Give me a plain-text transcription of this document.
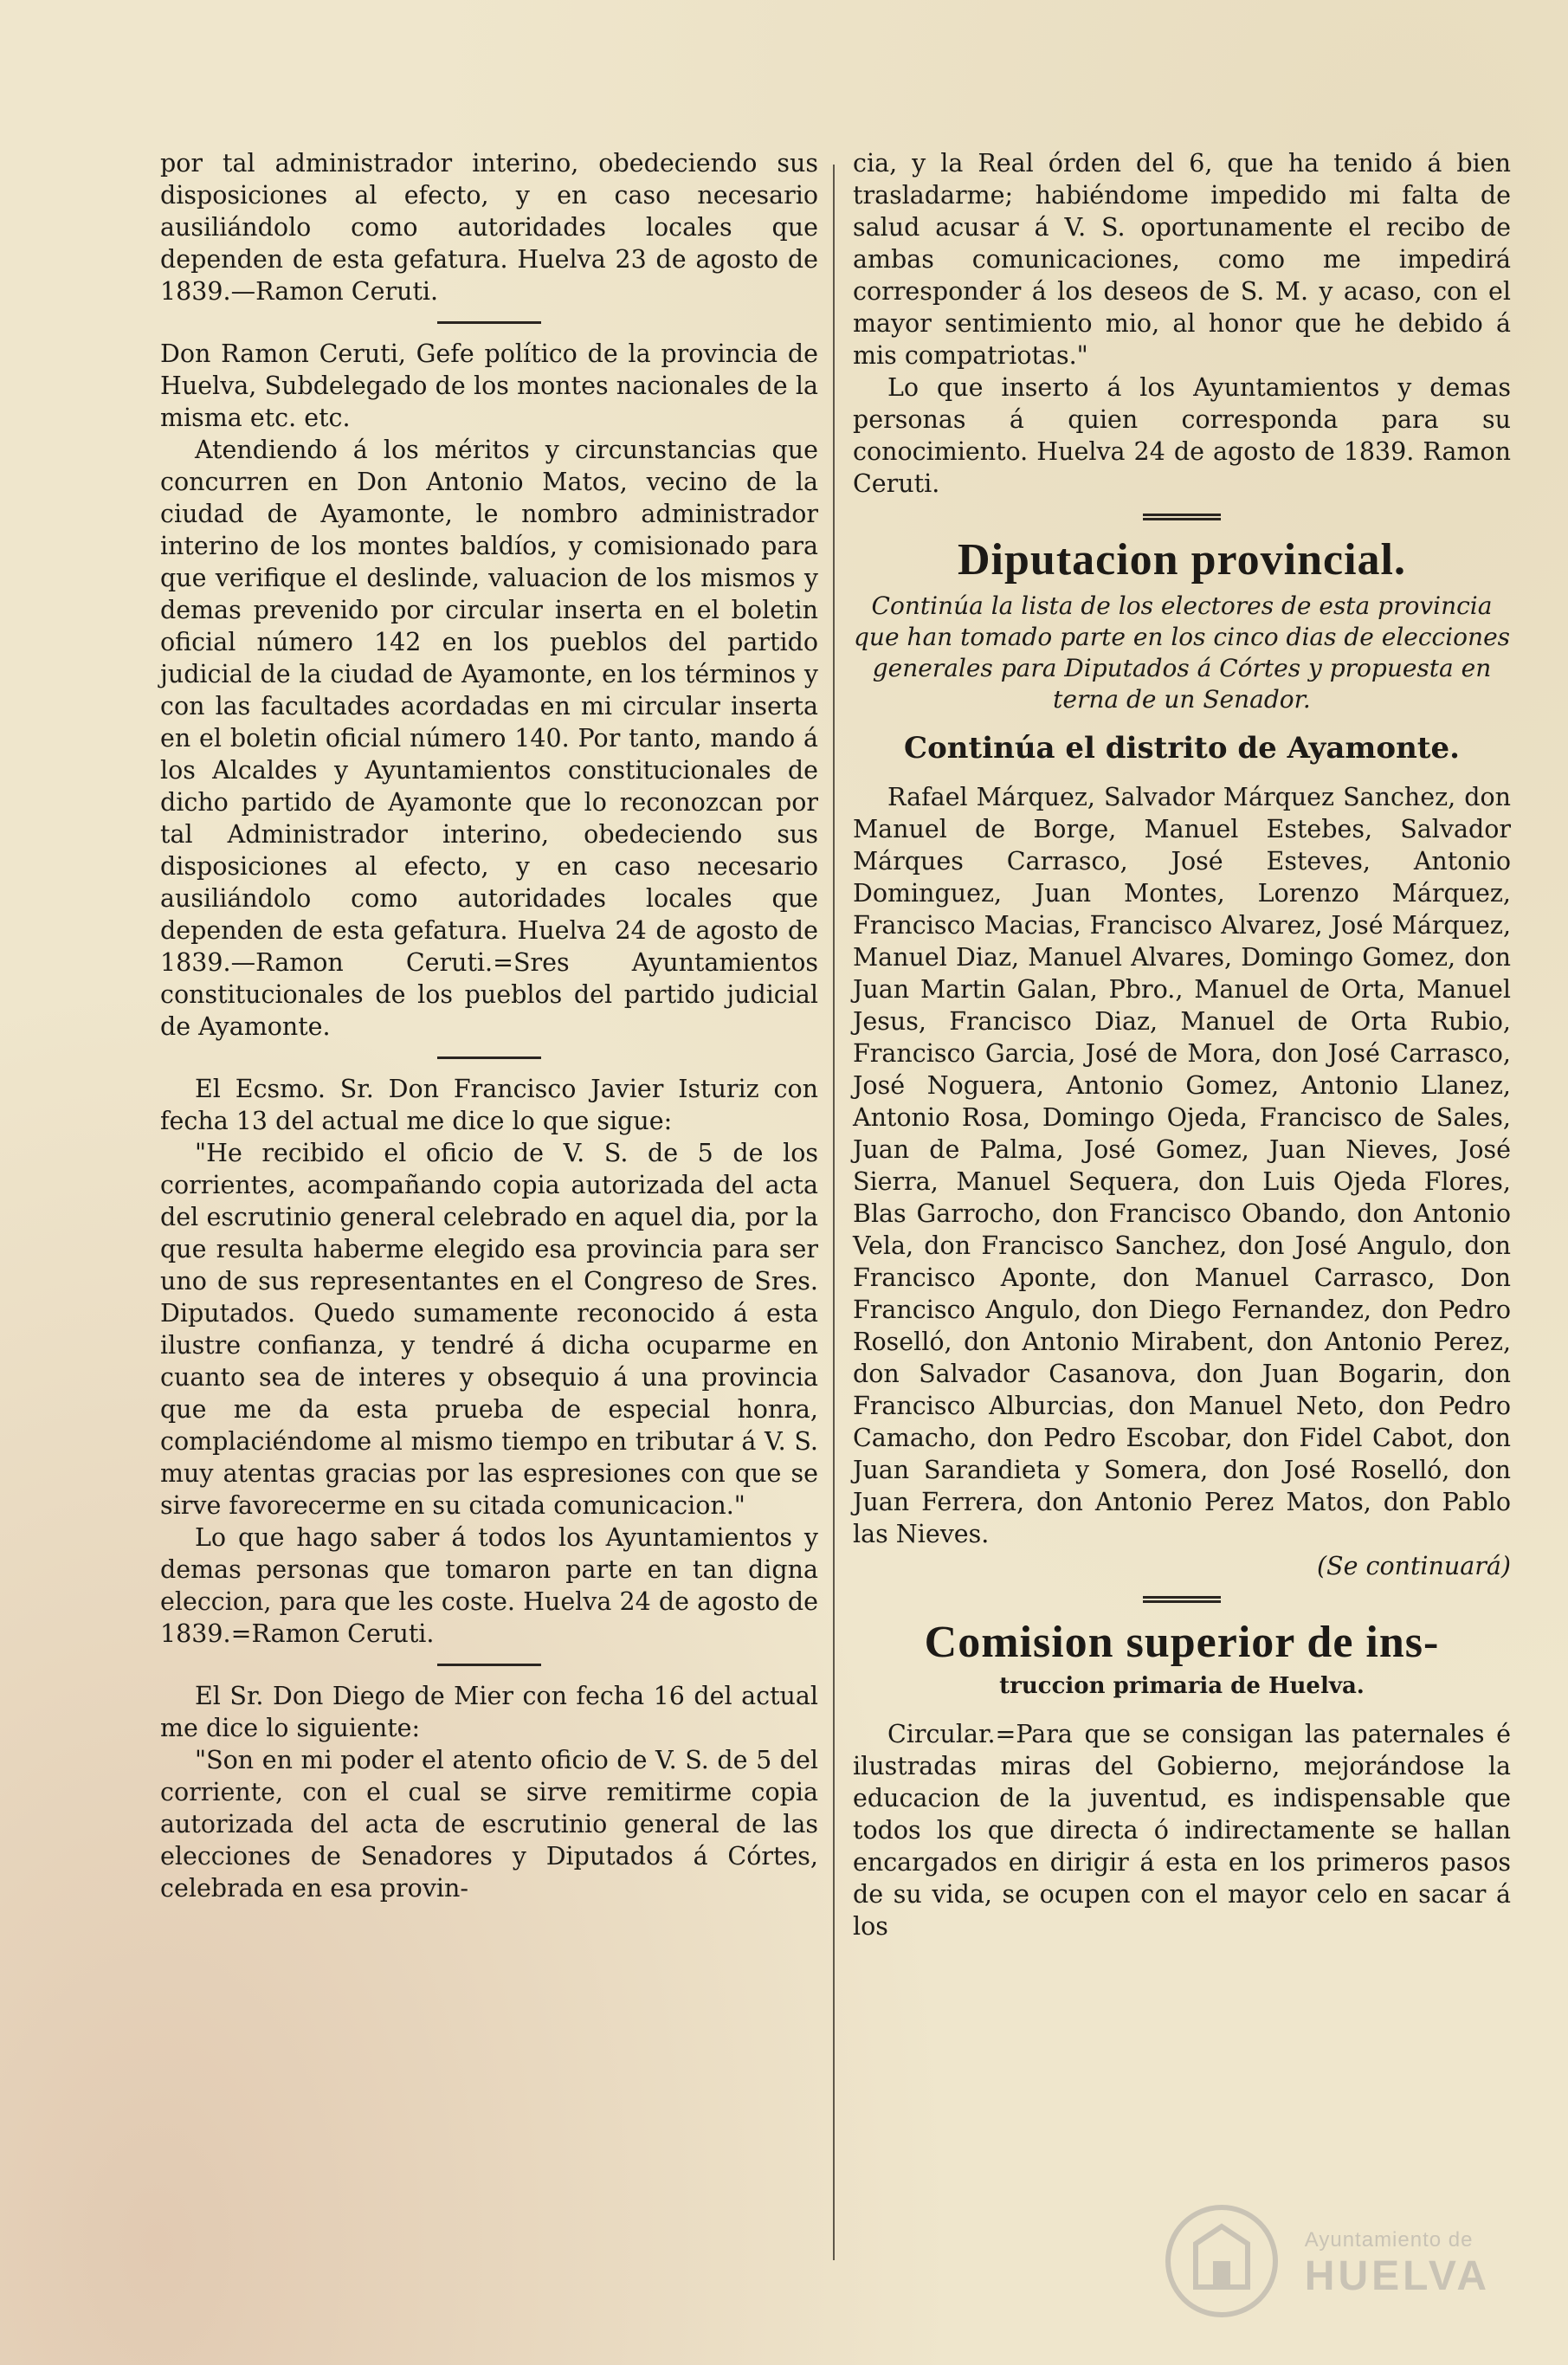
por tal administrador interino, obedeciendo sus disposiciones al efecto, y en caso necesario ausiliándolo como autoridades locales que dependen de esta gefatura. Huelva 23 de agosto de 1839.—Ramon Ceruti.

Don Ramon Ceruti, Gefe político de la provincia de Huelva, Subdelegado de los montes nacionales de la misma etc. etc.

Atendiendo á los méritos y circunstancias que concurren en Don Antonio Matos, vecino de la ciudad de Ayamonte, le nombro administrador interino de los montes baldíos, y comisionado para que verifique el deslinde, valuacion de los mismos y demas prevenido por circular inserta en el boletin oficial número 142 en los pueblos del partido judicial de la ciudad de Ayamonte, en los términos y con las facultades acordadas en mi circular inserta en el boletin oficial número 140. Por tanto, mando á los Alcaldes y Ayuntamientos constitucionales de dicho partido de Ayamonte que lo reconozcan por tal Administrador interino, obedeciendo sus disposiciones al efecto, y en caso necesario ausiliándolo como autoridades locales que dependen de esta gefatura. Huelva 24 de agosto de 1839.—Ramon Ceruti.=Sres Ayuntamientos constitucionales de los pueblos del partido judicial de Ayamonte.

El Ecsmo. Sr. Don Francisco Javier Isturiz con fecha 13 del actual me dice lo que sigue:

"He recibido el oficio de V. S. de 5 de los corrientes, acompañando copia autorizada del acta del escrutinio general celebrado en aquel dia, por la que resulta haberme elegido esa provincia para ser uno de sus representantes en el Congreso de Sres. Diputados. Quedo sumamente reconocido á esta ilustre confianza, y tendré á dicha ocuparme en cuanto sea de interes y obsequio á una provincia que me da esta prueba de especial honra, complaciéndome al mismo tiempo en tributar á V. S. muy atentas gracias por las espresiones con que se sirve favorecerme en su citada comunicacion."

Lo que hago saber á todos los Ayuntamientos y demas personas que tomaron parte en tan digna eleccion, para que les coste. Huelva 24 de agosto de 1839.=Ramon Ceruti.

El Sr. Don Diego de Mier con fecha 16 del actual me dice lo siguiente:

"Son en mi poder el atento oficio de V. S. de 5 del corriente, con el cual se sirve remitirme copia autorizada del acta de escrutinio general de las elecciones de Senadores y Diputados á Córtes, celebrada en esa provin-

cia, y la Real órden del 6, que ha tenido á bien trasladarme; habiéndome impedido mi falta de salud acusar á V. S. oportunamente el recibo de ambas comunicaciones, como me impedirá corresponder á los deseos de S. M. y acaso, con el mayor sentimiento mio, al honor que he debido á mis compatriotas."

Lo que inserto á los Ayuntamientos y demas personas á quien corresponda para su conocimiento. Huelva 24 de agosto de 1839. Ramon Ceruti.

Diputacion provincial.

Continúa la lista de los electores de esta provincia que han tomado parte en los cinco dias de elecciones generales para Diputados á Córtes y propuesta en terna de un Senador.

Continúa el distrito de Ayamonte.

Rafael Márquez, Salvador Márquez Sanchez, don Manuel de Borge, Manuel Estebes, Salvador Márques Carrasco, José Esteves, Antonio Dominguez, Juan Montes, Lorenzo Márquez, Francisco Macias, Francisco Alvarez, José Márquez, Manuel Diaz, Manuel Alvares, Domingo Gomez, don Juan Martin Galan, Pbro., Manuel de Orta, Manuel Jesus, Francisco Diaz, Manuel de Orta Rubio, Francisco Garcia, José de Mora, don José Carrasco, José Noguera, Antonio Gomez, Antonio Llanez, Antonio Rosa, Domingo Ojeda, Francisco de Sales, Juan de Palma, José Gomez, Juan Nieves, José Sierra, Manuel Sequera, don Luis Ojeda Flores, Blas Garrocho, don Francisco Obando, don Antonio Vela, don Francisco Sanchez, don José Angulo, don Francisco Aponte, don Manuel Carrasco, Don Francisco Angulo, don Diego Fernandez, don Pedro Roselló, don Antonio Mirabent, don Antonio Perez, don Salvador Casanova, don Juan Bogarin, don Francisco Alburcias, don Manuel Neto, don Pedro Camacho, don Pedro Escobar, don Fidel Cabot, don Juan Sarandieta y Somera, don José Roselló, don Juan Ferrera, don Antonio Perez Matos, don Pablo las Nieves.

(Se continuará)

Comision superior de ins-
truccion primaria de Huelva.

Circular.=Para que se consigan las paternales é ilustradas miras del Gobierno, mejorándose la educacion de la juventud, es indispensable que todos los que directa ó indirectamente se hallan encargados en dirigir á esta en los primeros pasos de su vida, se ocupen con el mayor celo en sacar á los

Ayuntamiento de
HUELVA
